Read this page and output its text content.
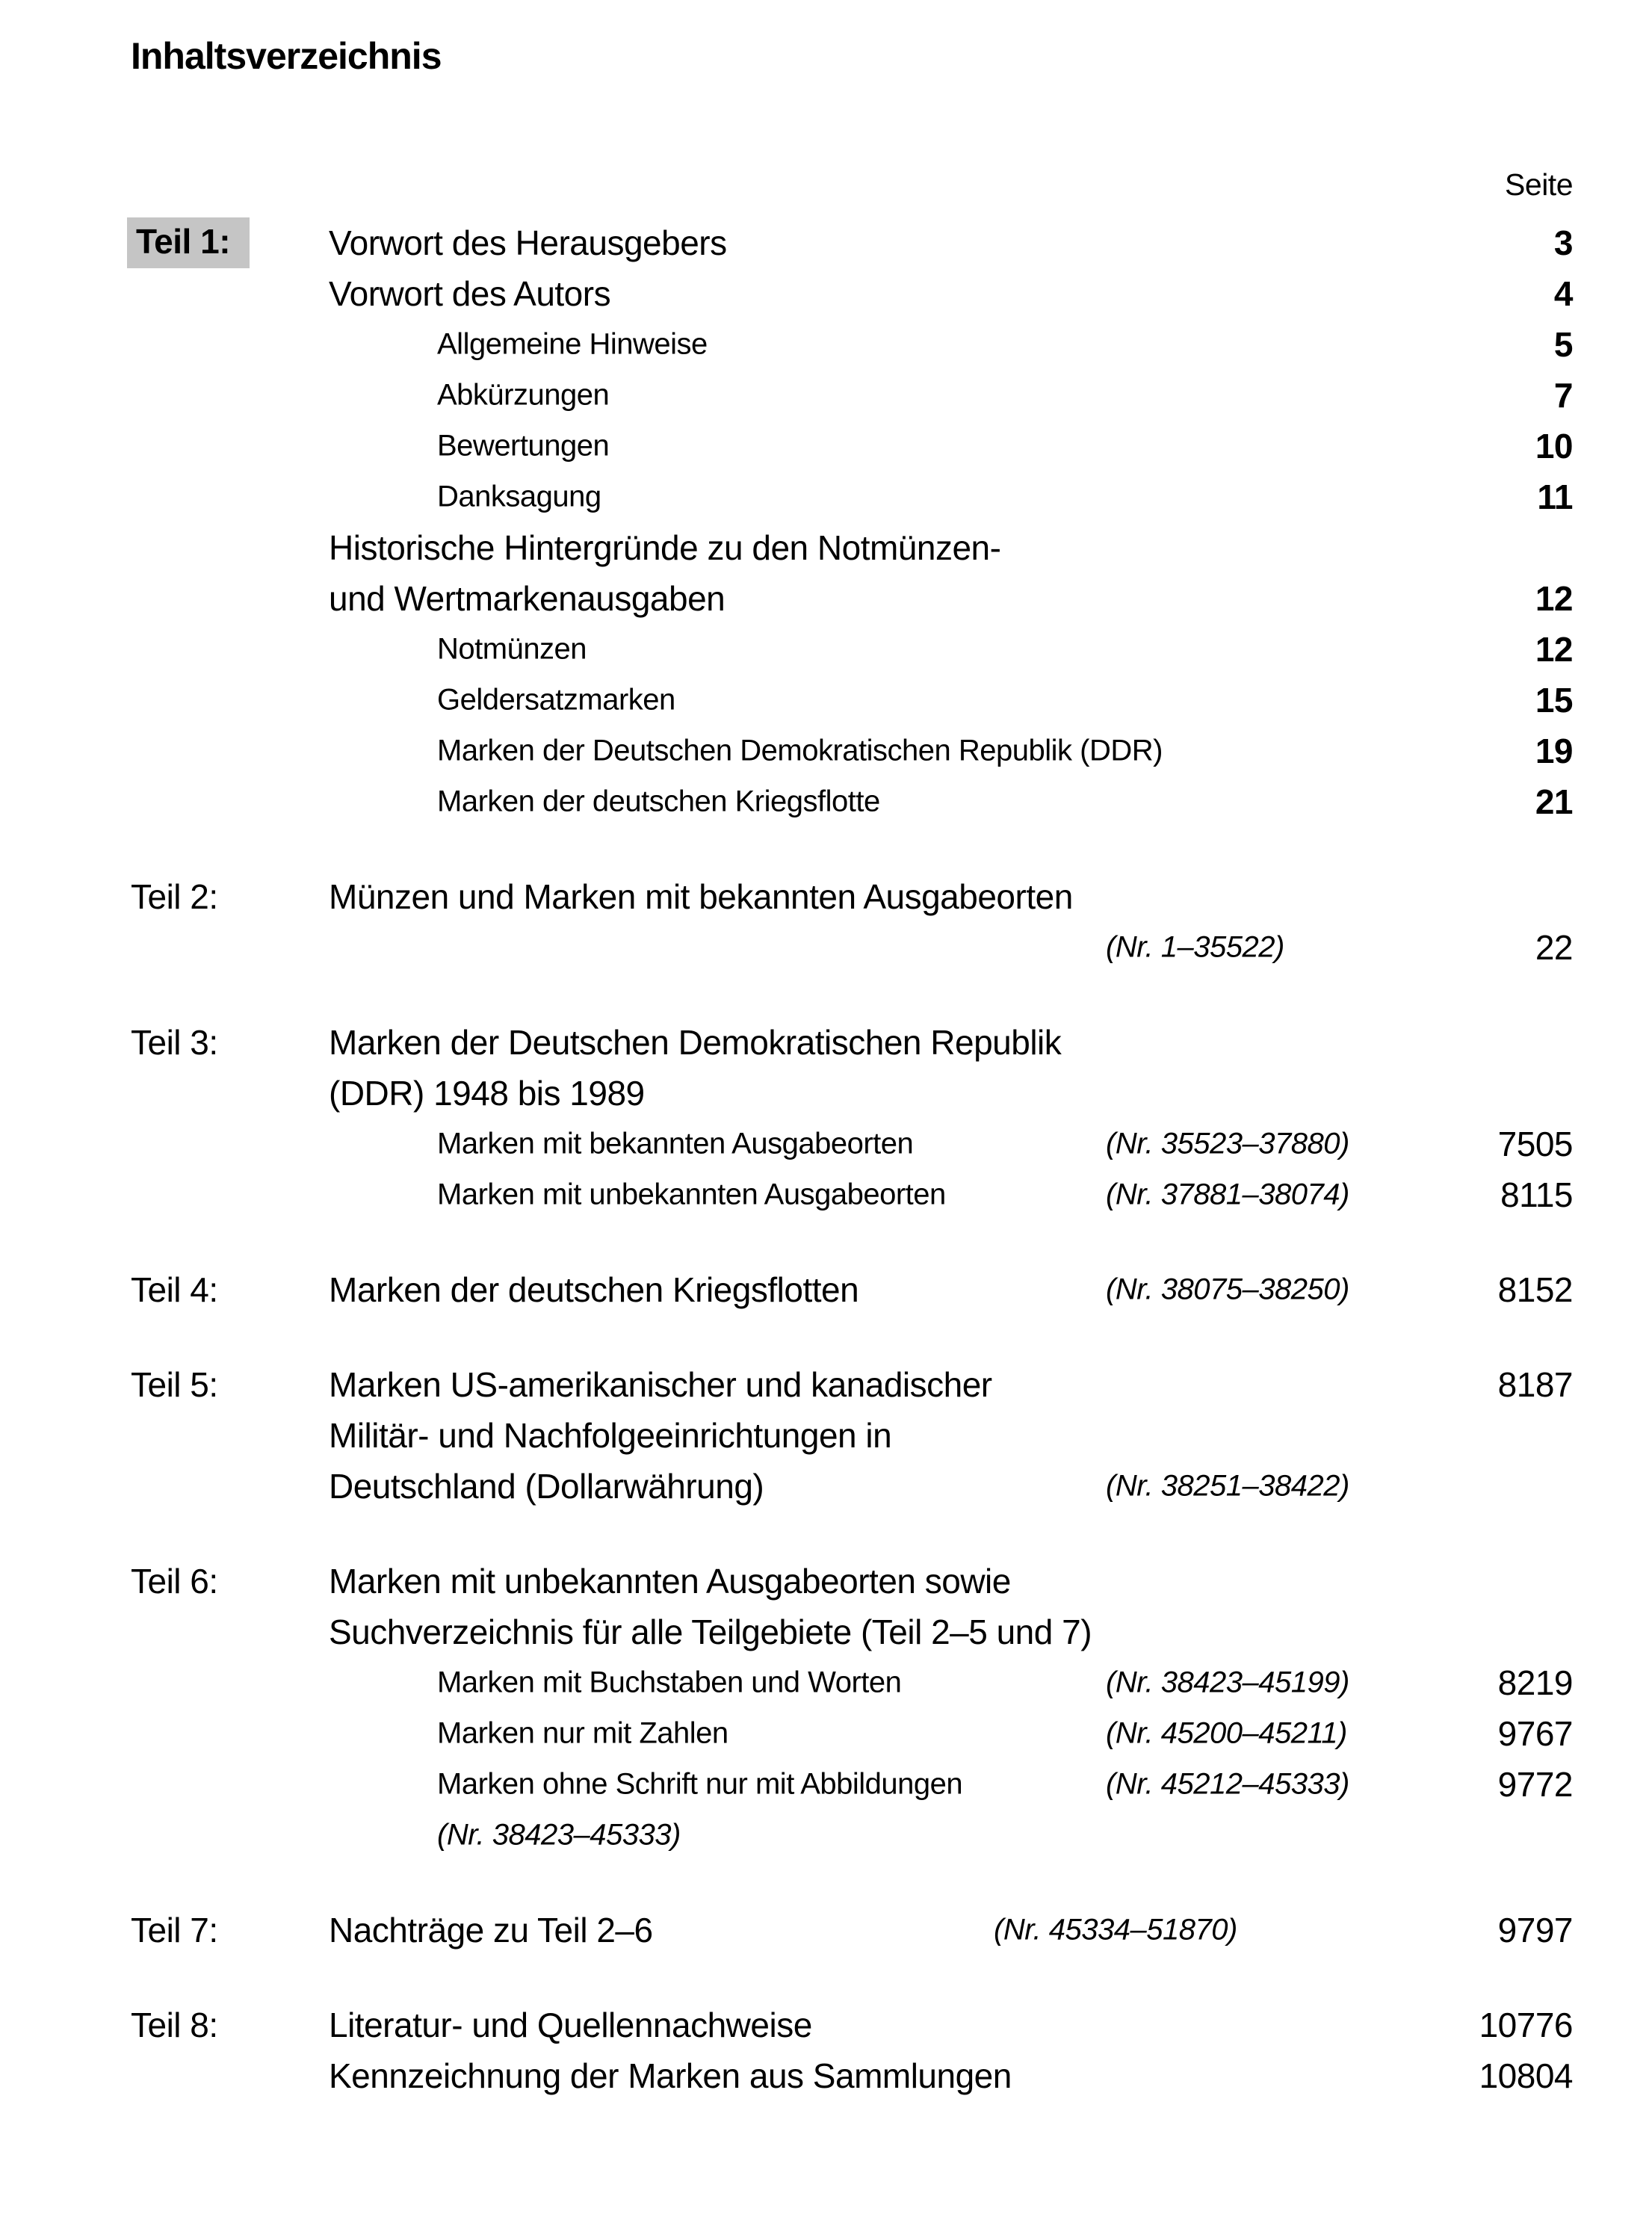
Inhaltsverzeichnis
Seite
Teil 1:	Vorwort des Herausgebers	3
Vorwort des Autors	4
Allgemeine Hinweise	5
Abkürzungen	7
Bewertungen	10
Danksagung	11
Historische Hintergründe zu den Notmünzen-
und Wertmarkenausgaben	12
Notmünzen	12
Geldersatzmarken	15
Marken der Deutschen Demokratischen Republik (DDR)	19
Marken der deutschen Kriegsflotte	21
Teil 2:	Münzen und Marken mit bekannten Ausgabeorten
(Nr. 1–35522)	22
Teil 3:	Marken der Deutschen Demokratischen Republik
(DDR) 1948 bis 1989
Marken mit bekannten Ausgabeorten	(Nr. 35523–37880)	7505
Marken mit unbekannten Ausgabeorten	(Nr. 37881–38074)	8115
Teil 4:	Marken der deutschen Kriegsflotten	(Nr. 38075–38250)	8152
Teil 5:	Marken US-amerikanischer und kanadischer	8187
Militär- und Nachfolgeeinrichtungen in
Deutschland (Dollarwährung)	(Nr. 38251–38422)
Teil 6:	Marken mit unbekannten Ausgabeorten sowie
Suchverzeichnis für alle Teilgebiete (Teil 2–5 und 7)
Marken mit Buchstaben und Worten	(Nr. 38423–45199)	8219
Marken nur mit Zahlen	(Nr. 45200–45211)	9767
Marken ohne Schrift nur mit Abbildungen	(Nr. 45212–45333)	9772
(Nr. 38423–45333)
Teil 7:	Nachträge zu Teil 2–6	(Nr. 45334–51870)	9797
Teil 8:	Literatur- und Quellennachweise	10776
Kennzeichnung der Marken aus Sammlungen	10804
